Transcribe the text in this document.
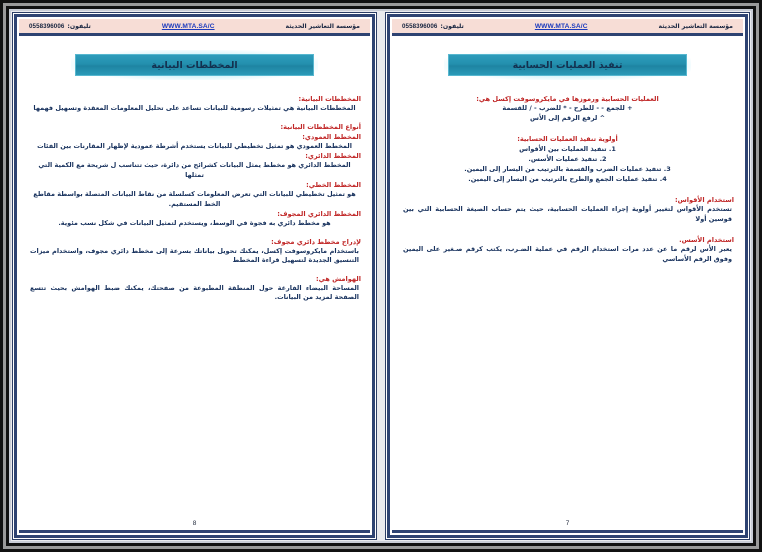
مؤسسة التعاشير الحديثة
WWW.MTA.SA/C
تليفون:
0558396006
تنفيذ العمليات الحسابية

العمليات الحسابية ورموزها في مايكروسوفت إكسل هي:

+ للجمع - - للطرح - * للضرب - / للقسمة

^ لرفع الرقم إلى الأس

أولوية تنفيذ العمليات الحسابية:

1. تنفيذ العمليات بين الأقواس
2. تنفيذ عمليات الأسس.
3. تنفيذ عمليات الضرب والقسمة بالترتيب من اليسار إلى اليمين.
4. تنفيذ عمليات الجمع والطرح بالترتيب من اليسار إلى اليمين.

استخدام الأقواس:

تستخدم الأقواس لتغيير أولوية إجراء العمليات الحسابية، حيث يتم حساب الصيغة الحسابية التي بين قوسين أولا

استخدام الأسس.

يعبر الأس لرقم ما عن عدد مرات استخدام الرقم في عملية الضـرب، يكتب كرقم صـغير على اليمين وفوق الرقم الأساسي

7
مؤسسة التعاشير الحديثة
WWW.MTA.SA/C
تليفون:
0558396006
المخططات البيانية

المخططات البيانية:

المخططات البيانية هي تمثيلات رسومية للبيانات تساعد على تحليل المعلومات المعقدة وتسهيل فهمها

أنواع المخططات البيانية:

المخطط العمودي:

المخطط العمودي هو تمثيل تخطيطي للبيانات يستخدم أشرطة عمودية لإظهار المقارنات بين الفئات

المخطط الدائري:

المخطط الدائري هو مخطط يمثل البيانات كشرائح من دائرة، حيث تتناسب ل شريحة مع الكمية التي تمثلها

المخطط الخطي:

هو تمثيل تخطيطي للبيانات التي تعرض المعلومات كسلسلة من نقاط البيانات المتصلة بواسطة مقاطع الخط المستقيم.

المخطط الدائري المجوف:

هو مخطط دائري به فجوة في الوسط، ويستخدم لتمثيل البيانات في شكل نسب مئوية.

لإدراج مخطط دائري مجوف:

باستخدام مايكروسوفت إكسل، يمكنك تحويل بياناتك بسرعة إلى مخطط دائري مجوف، واستخدام ميزات التنسيق الجديدة لتسهيل قراءة المخطط

الهوامش هي:

المساحة البيضاء الفارغة حول المنطقة المطبوعة من صفحتك، يمكنك ضبط الهوامش بحيث تتسع الصفحة لمزيد من البيانات.

8
